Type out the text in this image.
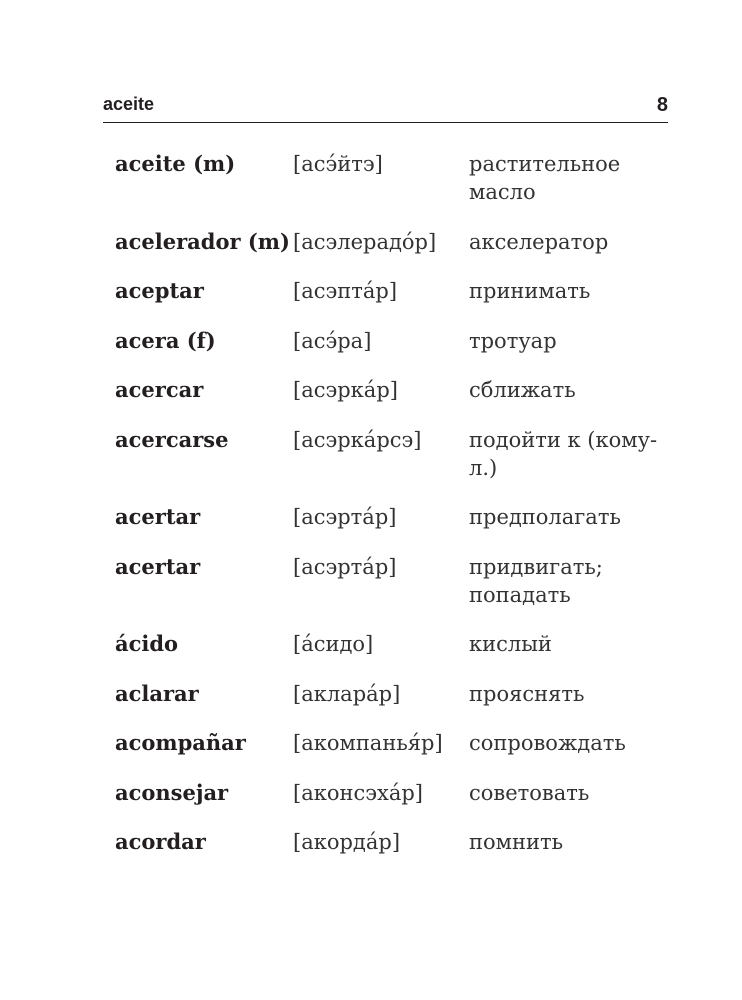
aceite	8
aceite (m)	[асэ́йтэ]	растительное масло
acelerador (m) [асэлерадо́р]	акселератор
aceptar	[асэпта́р]	принимать
acera (f)	[асэ́ра]	тротуар
acercar	[асэрка́р]	сближать
acercarse	[асэрка́рсэ]	подойти к (кому-л.)
acertar	[асэрта́р]	предполагать
acertar	[асэрта́р]	придвигать; попадать
ácido	[а́сидо]	кислый
aclarar	[аклара́р]	прояснять
acompañar	[акомпанья́р]	сопровождать
aconsejar	[аконсэха́р]	советовать
acordar	[акорда́р]	помнить
